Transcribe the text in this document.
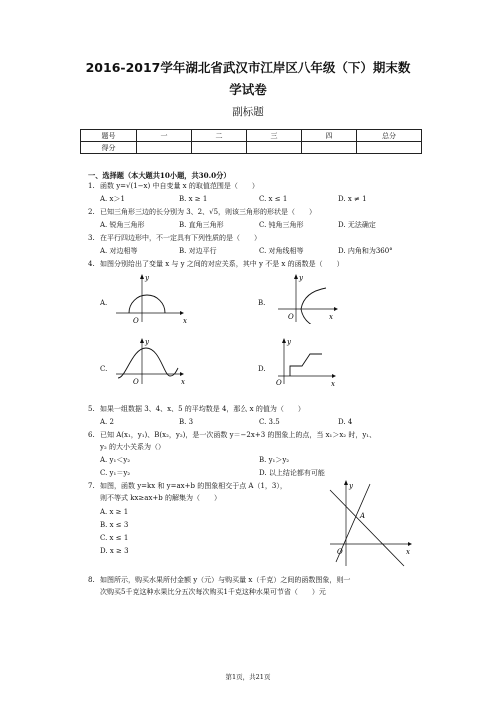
2016-2017学年湖北省武汉市江岸区八年级（下）期末数
学试卷
副标题
题号	一	二	三	四	总分
得分					
一、选择题（本大题共10小题，共30.0分）
1. 函数 y=√(1−x) 中自变量 x 的取值范围是（　　）
A. x＞1	B. x ≥ 1	C. x ≤ 1	D. x ≠ 1
2. 已知三角形三边的长分别为 3、2、√5，则该三角形的形状是（　　）
A. 锐角三角形	B. 直角三角形	C. 钝角三角形	D. 无法确定
3. 在平行四边形中，不一定具有下列性质的是（　　）
A. 对边相等	B. 对边平行	C. 对角线相等	D. 内角和为360°
4. 如图分别给出了变量 x 与 y 之间的对应关系，其中 y 不是 x 的函数是（　　）
A.
y
x
O
B.
y
x
O
C.
y
x
O
D.
y
x
O
5. 如果一组数据 3、4、x、5 的平均数是 4，那么 x 的值为（　　）
A. 2	B. 3	C. 3.5	D. 4
6. 已知 A(x₁，y₁)、B(x₂，y₂)，是一次函数 y＝−2x+3 的图象上的点，当 x₁＞x₂ 时，y₁、
y₂ 的大小关系为（）
A. y₁＜y₂	B. y₁＞y₂
C. y₁＝y₂	D. 以上结论都有可能
7. 如图，函数 y=kx 和 y=ax+b 的图象相交于点 A（1，3），
则不等式 kx≥ax+b 的解集为（　　）
A. x ≥ 1
B. x ≤ 3
C. x ≤ 1
D. x ≥ 3
y
x
O
A
8. 如图所示，购买水果所付金额 y（元）与购买量 x（千克）之间的函数图象，则一
次购买5千克这种水果比分五次每次购买1千克这种水果可节省（　　）元
第1页，共21页
